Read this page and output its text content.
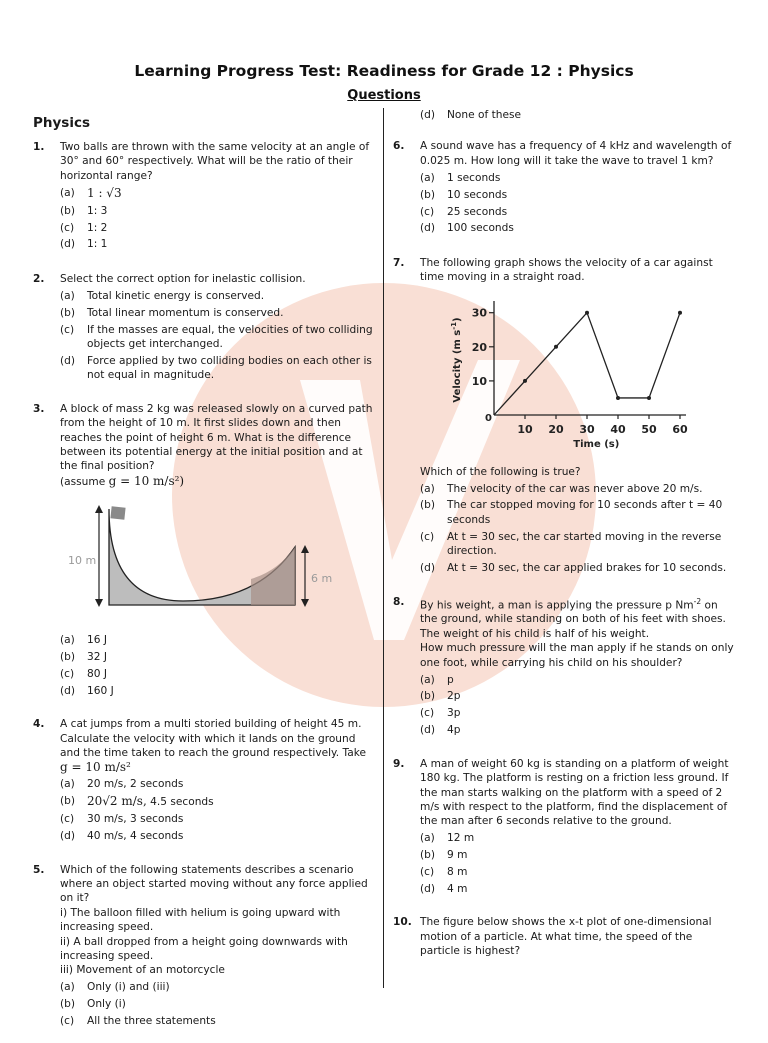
Learning Progress Test: Readiness for Grade 12 : Physics
Questions
Physics
1. Two balls are thrown with the same velocity at an angle of 30° and 60° respectively. What will be the ratio of their horizontal range?
(a) 1 : √3
(b) 1: 3
(c) 1: 2
(d) 1: 1
2. Select the correct option for inelastic collision.
(a) Total kinetic energy is conserved.
(b) Total linear momentum is conserved.
(c) If the masses are equal, the velocities of two colliding objects get interchanged.
(d) Force applied by two colliding bodies on each other is not equal in magnitude.
3. A block of mass 2 kg was released slowly on a curved path from the height of 10 m. It first slides down and then reaches the point of height 6 m. What is the difference between its potential energy at the initial position and at the final position?
(assume g = 10 m/s²)
10 m
6 m
(a) 16 J
(b) 32 J
(c) 80 J
(d) 160 J
4. A cat jumps from a multi storied building of height 45 m. Calculate the velocity with which it lands on the ground and the time taken to reach the ground respectively. Take
g = 10 m/s²
(a) 20 m/s, 2 seconds
(b) 20√2 m/s, 4.5 seconds
(c) 30 m/s, 3 seconds
(d) 40 m/s, 4 seconds
5. Which of the following statements describes a scenario where an object started moving without any force applied on it?
i) The balloon filled with helium is going upward with increasing speed.
ii) A ball dropped from a height going downwards with increasing speed.
iii) Movement of an motorcycle
(a) Only (i) and (iii)
(b) Only (i)
(c) All the three statements
(d) None of these
6. A sound wave has a frequency of 4 kHz and wavelength of 0.025 m. How long will it take the wave to travel 1 km?
(a) 1 seconds
(b) 10 seconds
(c) 25 seconds
(d) 100 seconds
7. The following graph shows the velocity of a car against time moving in a straight road.
10
20
30
10 20 30 40 50 60
0
Time (s)
Velocity (m $s^{-1}$)
Which of the following is true?
(a) The velocity of the car was never above 20 m/s.
(b) The car stopped moving for 10 seconds after t = 40 seconds
(c) At t = 30 sec, the car started moving in the reverse direction.
(d) At t = 30 sec, the car applied brakes for 10 seconds.
8. By his weight, a man is applying the pressure p $Nm^{-2}$ on the ground, while standing on both of his feet with shoes. The weight of his child is half of his weight.
How much pressure will the man apply if he stands on only one foot, while carrying his child on his shoulder?
(a) p
(b) 2p
(c) 3p
(d) 4p
9. A man of weight 60 kg is standing on a platform of weight 180 kg. The platform is resting on a friction less ground. If the man starts walking on the platform with a speed of 2 m/s with respect to the platform, find the displacement of the man after 6 seconds relative to the ground.
(a) 12 m
(b) 9 m
(c) 8 m
(d) 4 m
10. The figure below shows the x-t plot of one-dimensional motion of a particle. At what time, the speed of the particle is highest?
